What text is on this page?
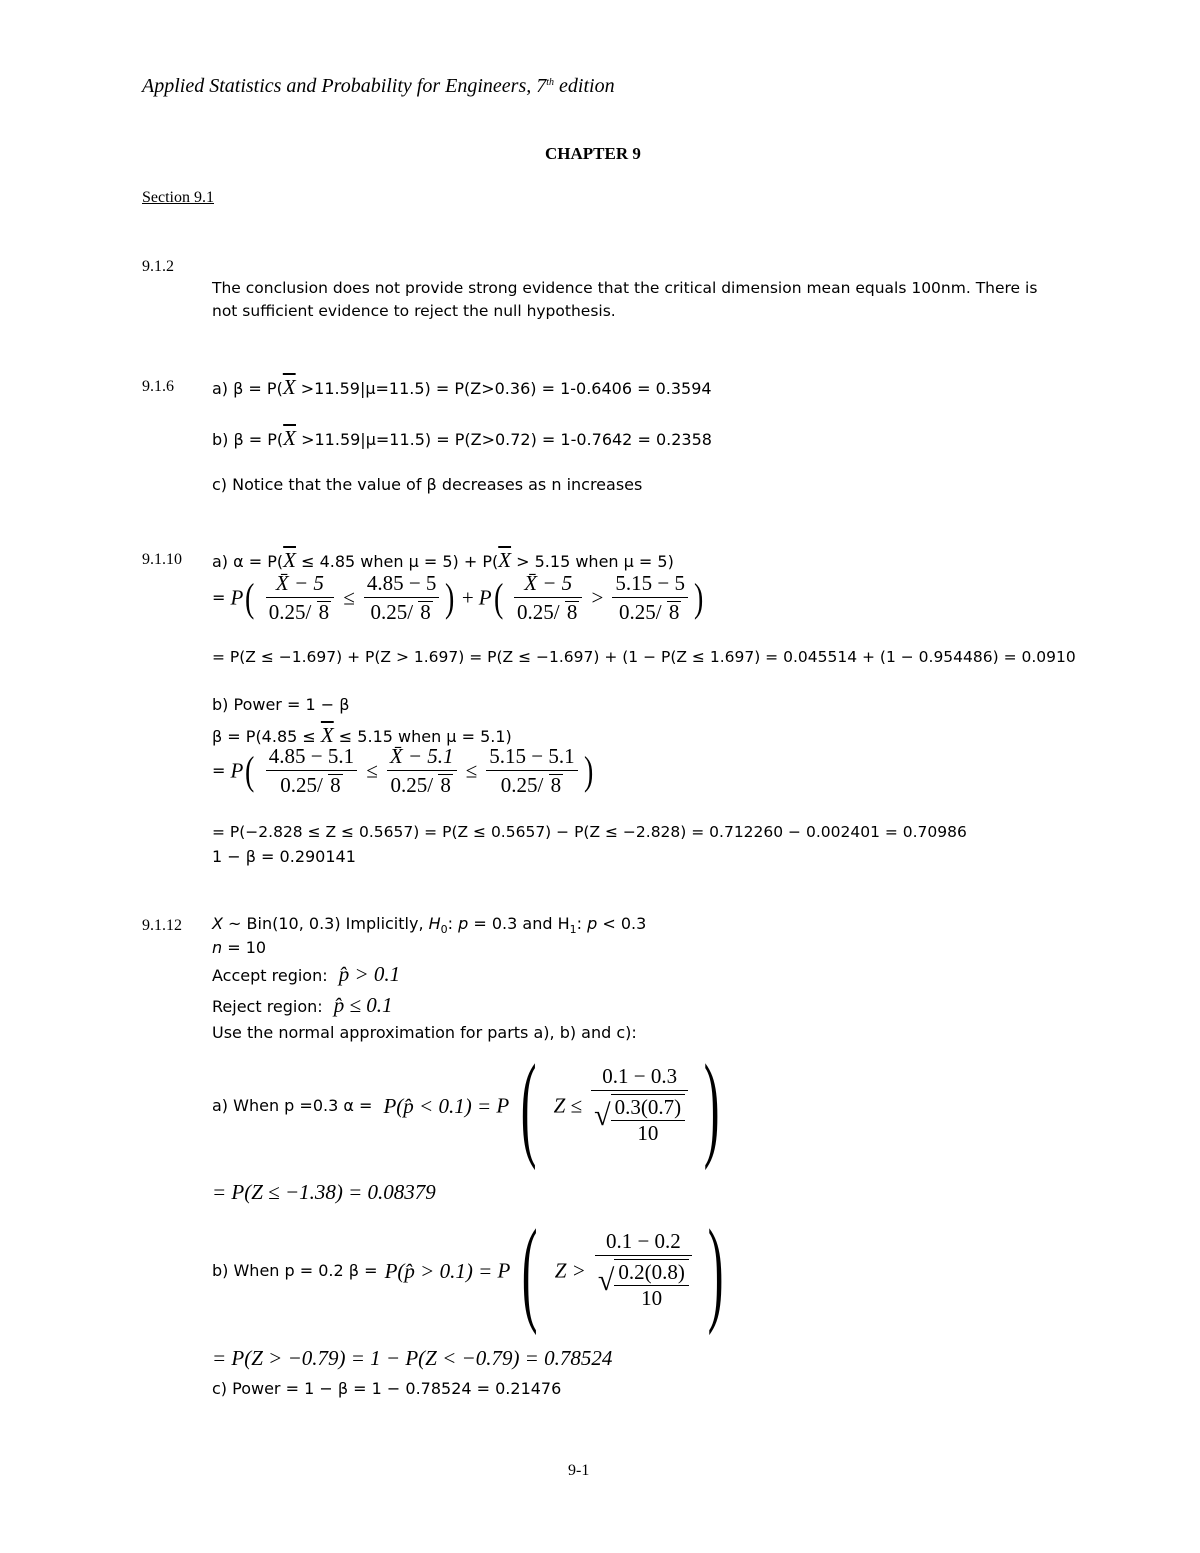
Applied Statistics and Probability for Engineers, 7th edition
CHAPTER 9
Section 9.1
9.1.2
The conclusion does not provide strong evidence that the critical dimension mean equals 100nm. There is
not sufficient evidence to reject the null hypothesis.
9.1.6 a) $\beta = P(\overline{X} >11.59|\mu=11.5) = P(Z>0.36) = 1-0.6406 = 0.3594$
b) $\beta = P(\overline{X} >11.59|\mu=11.5) = P(Z>0.72) = 1-0.7642 = 0.2358$
c) Notice that the value of β decreases as n increases
9.1.10 a) $\alpha = P(\overline{X} \le 4.85$ when $\mu = 5) + P(\overline{X} > 5.15$ when μ = 5)
= $P( \frac{X̄ - 5}{0.25/ 8} \le \frac{4.85 - 5}{0.25/ 8}$ ) + $P( \frac{X̄ - 5}{0.25/ 8} > \frac{5.15 - 5}{0.25/ 8}$ )
= P(Z ≤ −1.697) + P(Z > 1.697) = P(Z ≤ −1.697) + (1 − P(Z ≤ 1.697) = 0.045514 + (1 − 0.954486) = 0.0910
b) Power = 1 − β
$\beta = P(4.85 \le \overline{X} \le 5.15$ when μ = 5.1)
= $P( \frac{4.85 - 5.1}{0.25/ 8} \le \frac{X̄ - 5.1}{0.25/ 8} \le \frac{5.15 - 5.1}{0.25/ 8}$ )
= P(−2.828 ≤ Z ≤ 0.5657) = P(Z ≤ 0.5657) − P(Z ≤ −2.828) = 0.712260 − 0.002401 = 0.70986
1 − β = 0.290141
9.1.12 X ~ Bin(10, 0.3) Implicitly, $H_0$: p = 0.3 and $H_1$: p < 0.3
n = 10
Accept region: p̂ > 0.1
Reject region: p̂ ≤ 0.1
Use the normal approximation for parts a), b) and c):
a) When p =0.3 α = P(p̂ < 0.1) = P( $Z \le \frac{0.1 - 0.3}{√ \frac{0.3(0.7)}{10}}$ )
= P(Z ≤ −1.38) = 0.08379
b) When p = 0.2 β = P(p̂ > 0.1) = P( $Z > \frac{0.1 - 0.2}{√ \frac{0.2(0.8)}{10}}$ )
= P(Z > −0.79) = 1 − P(Z < −0.79) = 0.78524
c) Power = 1 − β = 1 − 0.78524 = 0.21476
9-1
